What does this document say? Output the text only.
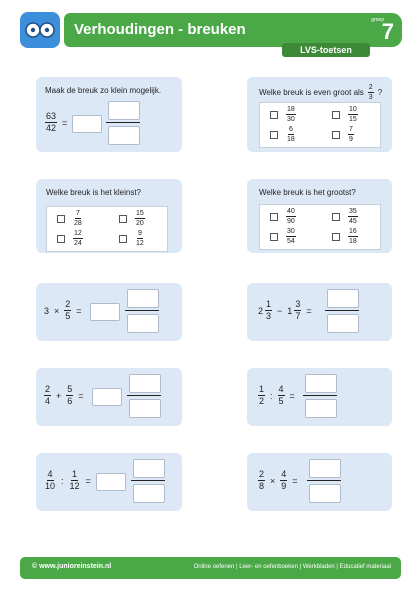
Verhoudingen - breuken
groep
7
LVS-toetsen
Maak de breuk zo klein mogelijk.
$\frac{63}{42}$ =
Welke breuk is even groot als $\frac{2}{3}$ ?
$\frac{18}{30}$	$\frac{10}{15}$
$\frac{6}{18}$	$\frac{7}{9}$
Welke breuk is het kleinst?
$\frac{7}{28}$	$\frac{15}{20}$
$\frac{12}{24}$	$\frac{9}{12}$
Welke breuk is het grootst?
$\frac{40}{90}$	$\frac{35}{45}$
$\frac{30}{54}$	$\frac{16}{18}$
$3 \times \frac{2}{5}$ =	$2 \frac{1}{3} - 1 \frac{3}{7}$ =
$\frac{2}{4} + \frac{5}{6}$ =	$\frac{1}{2}$ : $\frac{4}{5}$ =
$\frac{4}{10}$ : $\frac{1}{12}$ =	$\frac{2}{8} \times \frac{4}{9}$ =
© www.junioreinstein.nl	Online oefenen | Leer- en oefenboeken | Werkbladen | Educatief materiaal
